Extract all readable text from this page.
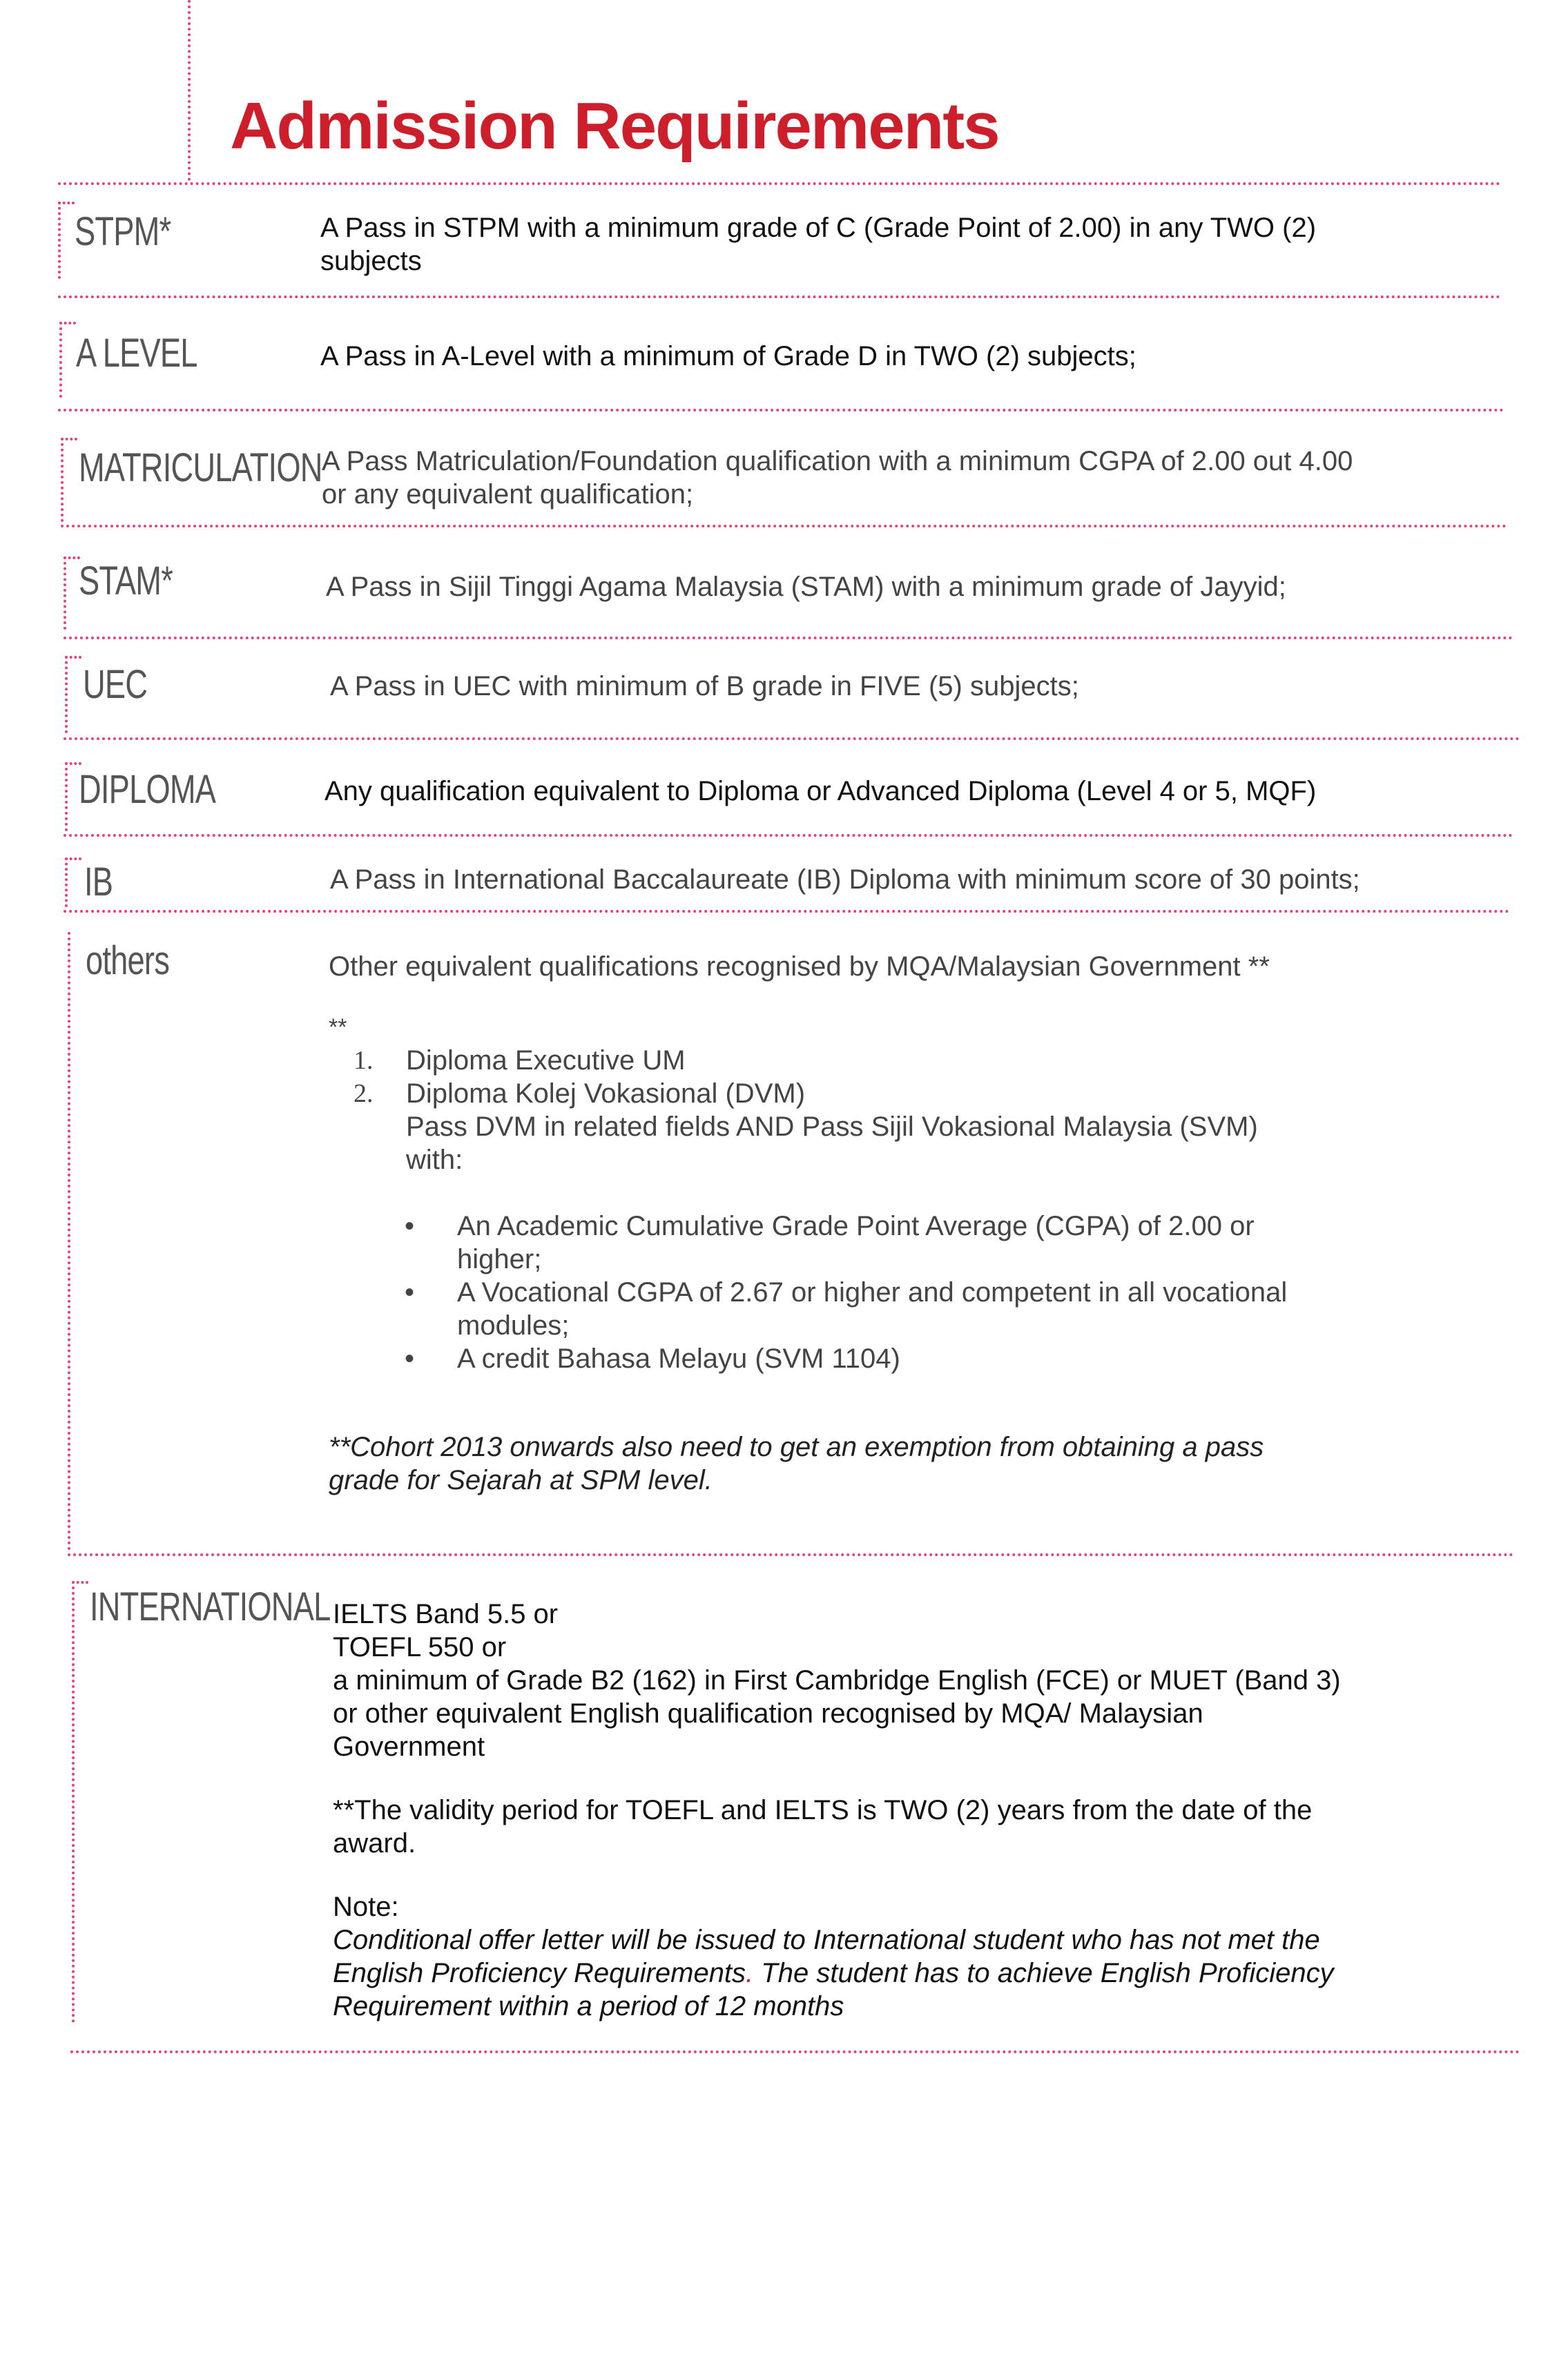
Admission Requirements
STPM*	A Pass in STPM with a minimum grade of C (Grade Point of 2.00) in any TWO (2) subjects

A LEVEL	A Pass in A-Level with a minimum of Grade D in TWO (2) subjects;

MATRICULATION A Pass Matriculation/Foundation qualification with a minimum CGPA of 2.00 out 4.00 or any equivalent qualification;

STAM*	A Pass in Sijil Tinggi Agama Malaysia (STAM) with a minimum grade of Jayyid;

UEC	A Pass in UEC with minimum of B grade in FIVE (5) subjects;

DIPLOMA	Any qualification equivalent to Diploma or Advanced Diploma (Level 4 or 5, MQF)

IB	A Pass in International Baccalaureate (IB) Diploma with minimum score of 30 points;

others	Other equivalent qualifications recognised by MQA/Malaysian Government **

**

1. Diploma Executive UM
2. Diploma Kolej Vokasional (DVM)

Pass DVM in related fields AND Pass Sijil Vokasional Malaysia (SVM)

with:

• An Academic Cumulative Grade Point Average (CGPA) of 2.00 or higher;
• A Vocational CGPA of 2.67 or higher and competent in all vocational modules;
• A credit Bahasa Melayu (SVM 1104)

**Cohort 2013 onwards also need to get an exemption from obtaining a pass grade for Sejarah at SPM level.

INTERNATIONAL IELTS Band 5.5 or

TOEFL 550 or

a minimum of Grade B2 (162) in First Cambridge English (FCE) or MUET (Band 3) or other equivalent English qualification recognised by MQA/ Malaysian Government

**The validity period for TOEFL and IELTS is TWO (2) years from the date of the award.

Note:

Conditional offer letter will be issued to International student who has not met the English Proficiency Requirements. The student has to achieve English Proficiency Requirement within a period of 12 months
